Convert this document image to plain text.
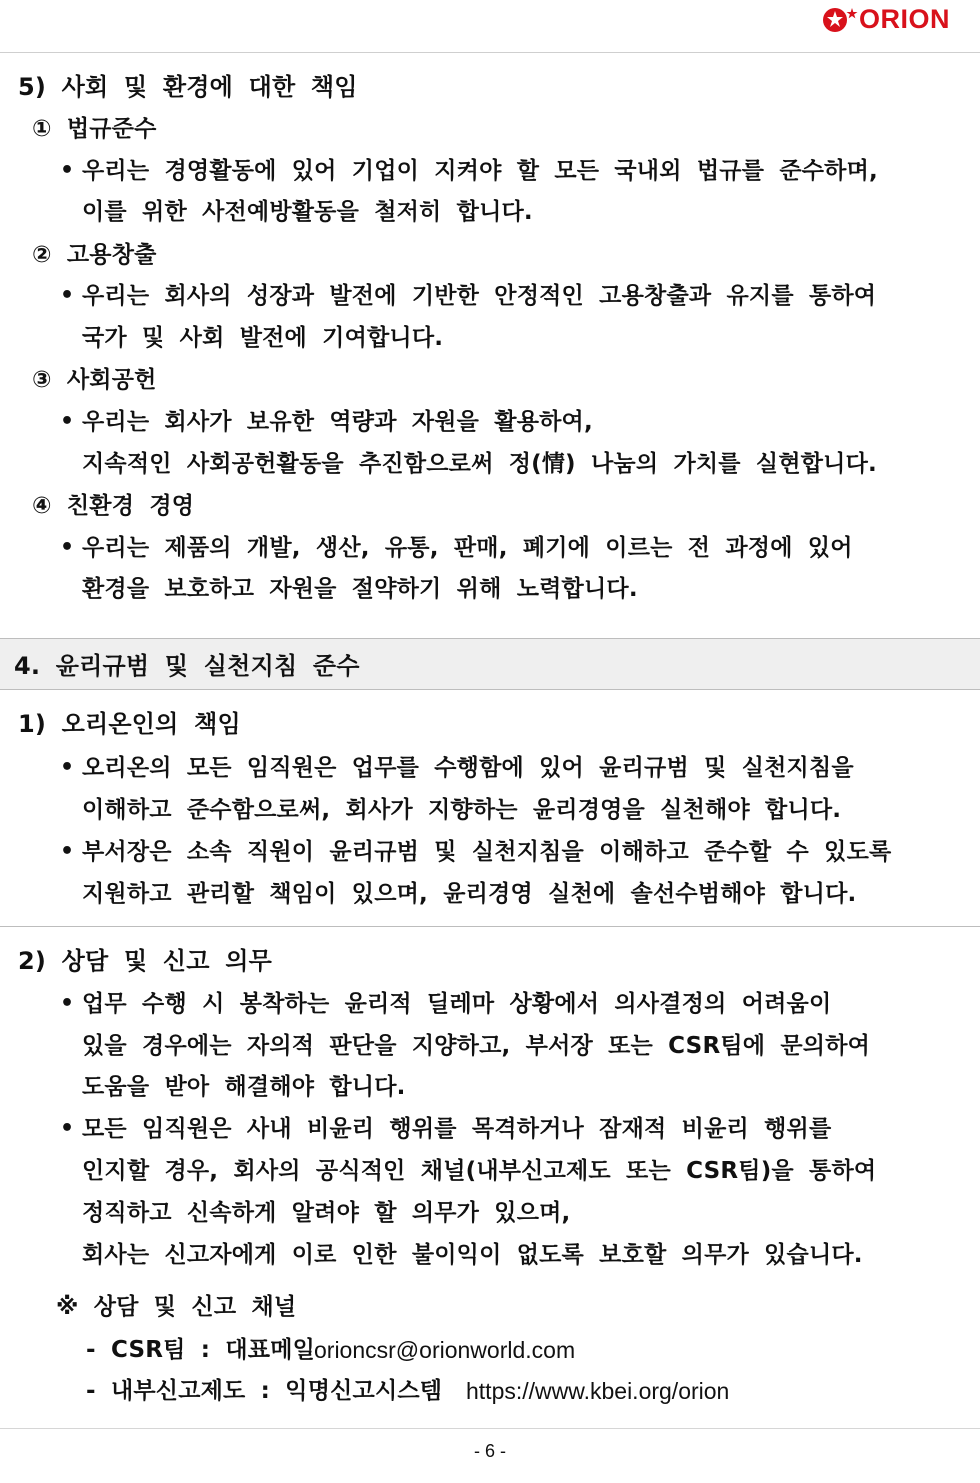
ORION
5) 사회 및 환경에 대한 책임
① 법규준수
• 우리는 경영활동에 있어 기업이 지켜야 할 모든 국내외 법규를 준수하며,
이를 위한 사전예방활동을 철저히 합니다.
② 고용창출
• 우리는 회사의 성장과 발전에 기반한 안정적인 고용창출과 유지를 통하여
국가 및 사회 발전에 기여합니다.
③ 사회공헌
• 우리는 회사가 보유한 역량과 자원을 활용하여,
지속적인 사회공헌활동을 추진함으로써 정(情) 나눔의 가치를 실현합니다.
④ 친환경 경영
• 우리는 제품의 개발, 생산, 유통, 판매, 폐기에 이르는 전 과정에 있어
환경을 보호하고 자원을 절약하기 위해 노력합니다.
4. 윤리규범 및 실천지침 준수
1) 오리온인의 책임
• 오리온의 모든 임직원은 업무를 수행함에 있어 윤리규범 및 실천지침을
이해하고 준수함으로써, 회사가 지향하는 윤리경영을 실천해야 합니다.
• 부서장은 소속 직원이 윤리규범 및 실천지침을 이해하고 준수할 수 있도록
지원하고 관리할 책임이 있으며, 윤리경영 실천에 솔선수범해야 합니다.
2) 상담 및 신고 의무
• 업무 수행 시 봉착하는 윤리적 딜레마 상황에서 의사결정의 어려움이
있을 경우에는 자의적 판단을 지양하고, 부서장 또는 CSR팀에 문의하여
도움을 받아 해결해야 합니다.
• 모든 임직원은 사내 비윤리 행위를 목격하거나 잠재적 비윤리 행위를
인지할 경우, 회사의 공식적인 채널(내부신고제도 또는 CSR팀)을 통하여
정직하고 신속하게 알려야 할 의무가 있으며,
회사는 신고자에게 이로 인한 불이익이 없도록 보호할 의무가 있습니다.
※ 상담 및 신고 채널
- CSR팀 : 대표메일
orioncsr@orionworld.com
- 내부신고제도 : 익명신고시스템 https://www.kbei.org/orion
- 6 -
